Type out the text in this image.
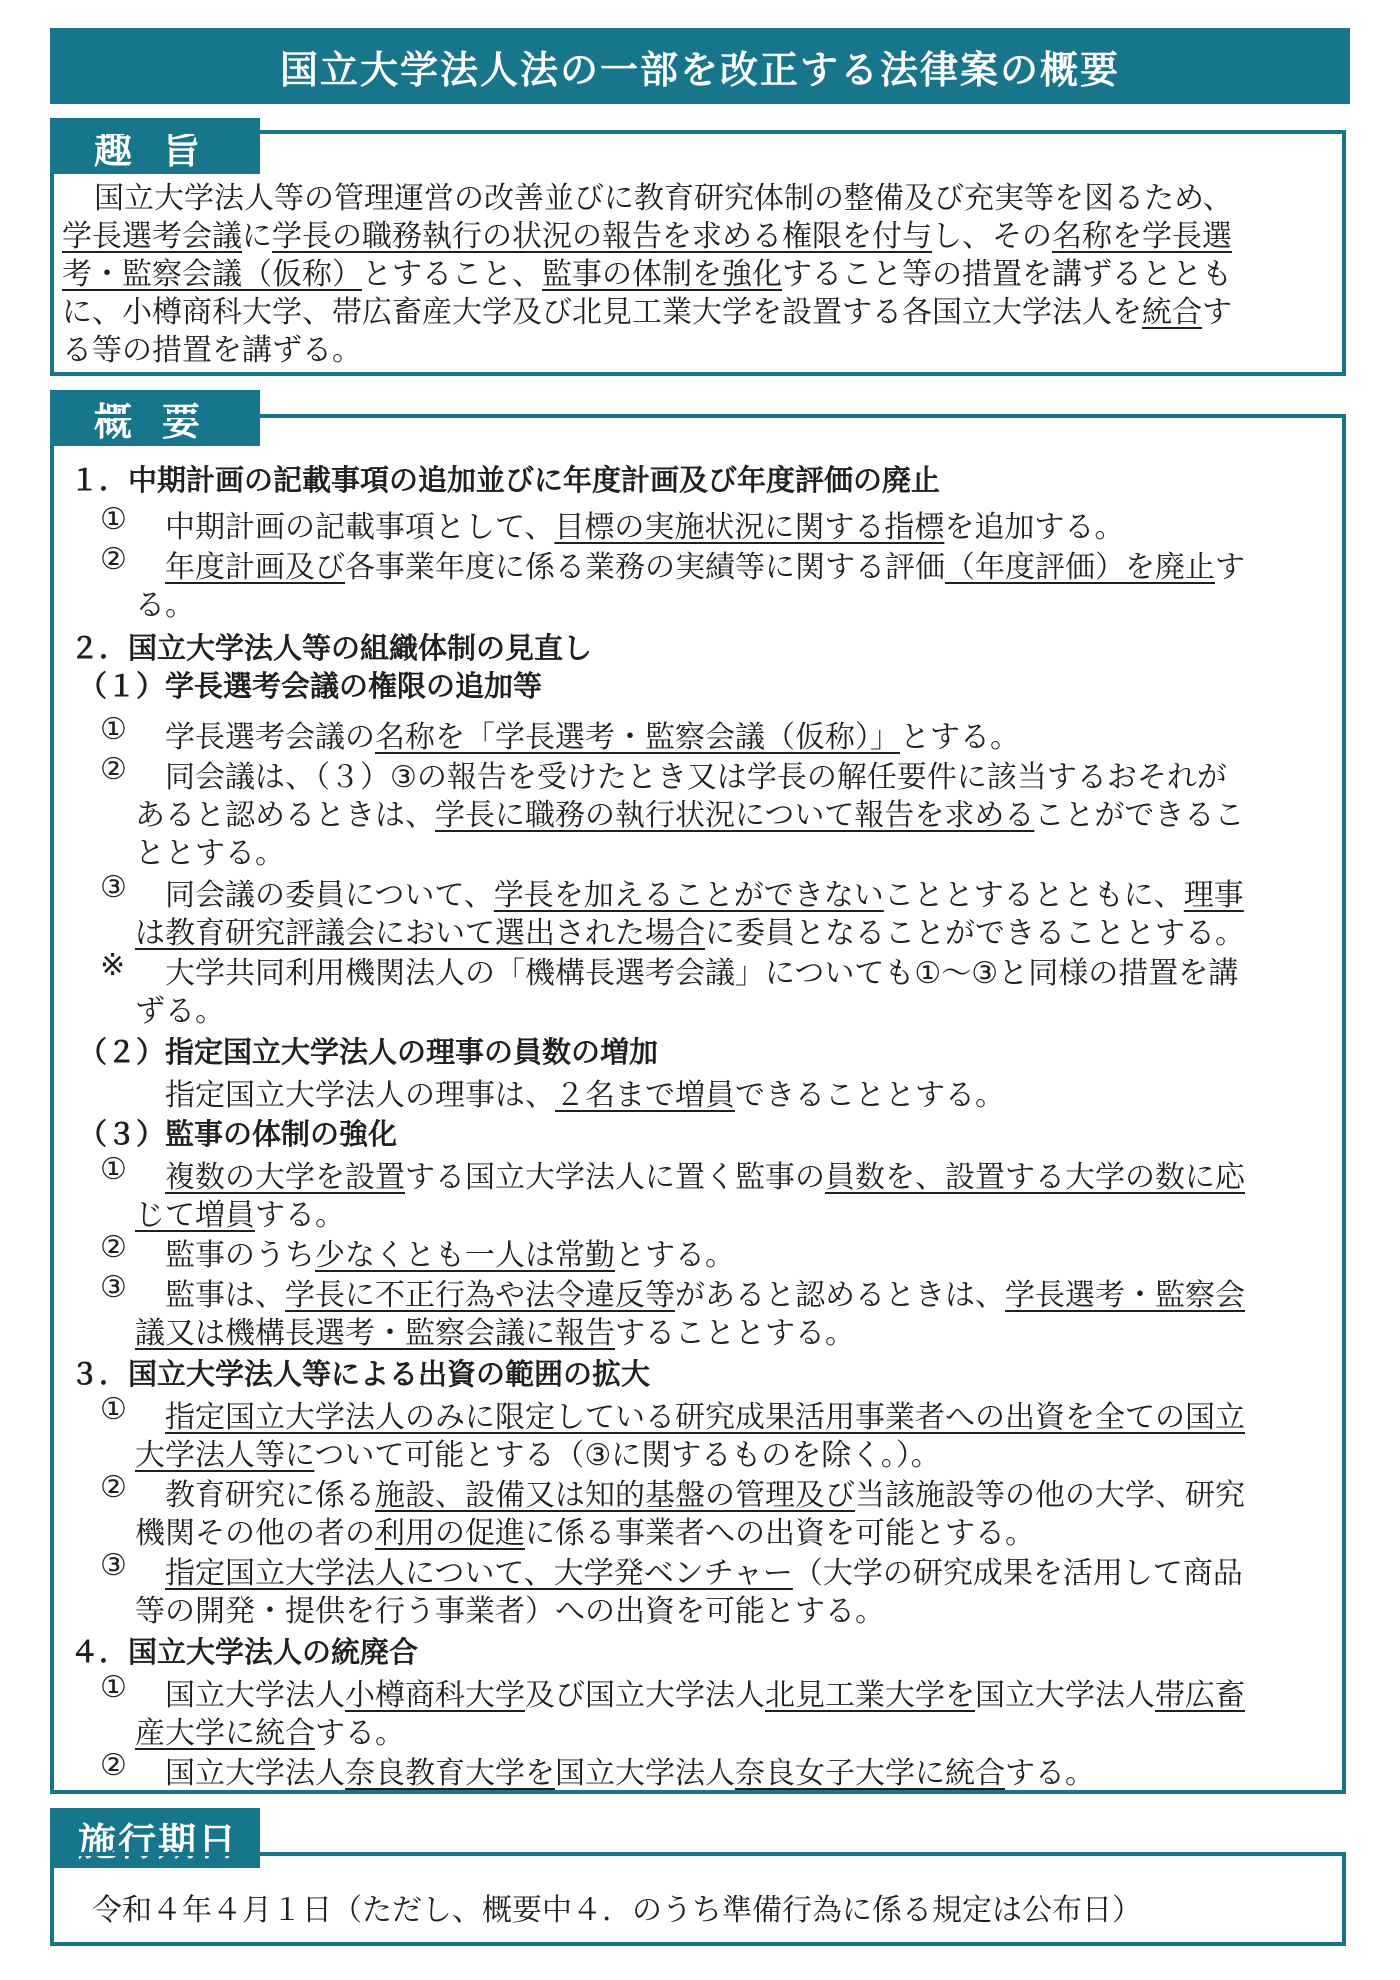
国立大学法人法の一部を改正する法律案の概要
趣旨
国立大学法人等の管理運営の改善並びに教育研究体制の整備及び充実等を図るため、
学長選考会議に学長の職務執行の状況の報告を求める権限を付与し、その名称を学長選
考・監察会議（仮称）とすること、監事の体制を強化すること等の措置を講ずるととも
に、小樽商科大学、帯広畜産大学及び北見工業大学を設置する各国立大学法人を統合す
る等の措置を講ずる。
概要
１．中期計画の記載事項の追加並びに年度計画及び年度評価の廃止
① 中期計画の記載事項として、目標の実施状況に関する指標を追加する。
② 年度計画及び各事業年度に係る業務の実績等に関する評価（年度評価）を廃止す
る。
２．国立大学法人等の組織体制の見直し
（１）学長選考会議の権限の追加等
① 学長選考会議の名称を「学長選考・監察会議（仮称）」とする。
② 同会議は、（３）③の報告を受けたとき又は学長の解任要件に該当するおそれが
あると認めるときは、学長に職務の執行状況について報告を求めることができるこ
ととする。
③ 同会議の委員について、学長を加えることができないこととするとともに、理事
は教育研究評議会において選出された場合に委員となることができることとする。
※ 大学共同利用機関法人の「機構長選考会議」についても①～③と同様の措置を講
ずる。
（２）指定国立大学法人の理事の員数の増加
指定国立大学法人の理事は、２名まで増員できることとする。
（３）監事の体制の強化
① 複数の大学を設置する国立大学法人に置く監事の員数を、設置する大学の数に応
じて増員する。
② 監事のうち少なくとも一人は常勤とする。
③ 監事は、学長に不正行為や法令違反等があると認めるときは、学長選考・監察会
議又は機構長選考・監察会議に報告することとする。
３．国立大学法人等による出資の範囲の拡大
① 指定国立大学法人のみに限定している研究成果活用事業者への出資を全ての国立
大学法人等について可能とする（③に関するものを除く。）。
② 教育研究に係る施設、設備又は知的基盤の管理及び当該施設等の他の大学、研究
機関その他の者の利用の促進に係る事業者への出資を可能とする。
③ 指定国立大学法人について、大学発ベンチャー（大学の研究成果を活用して商品
等の開発・提供を行う事業者）への出資を可能とする。
４．国立大学法人の統廃合
① 国立大学法人小樽商科大学及び国立大学法人北見工業大学を国立大学法人帯広畜
産大学に統合する。
② 国立大学法人奈良教育大学を国立大学法人奈良女子大学に統合する。
施行期日
令和４年４月１日（ただし、概要中４．のうち準備行為に係る規定は公布日）
